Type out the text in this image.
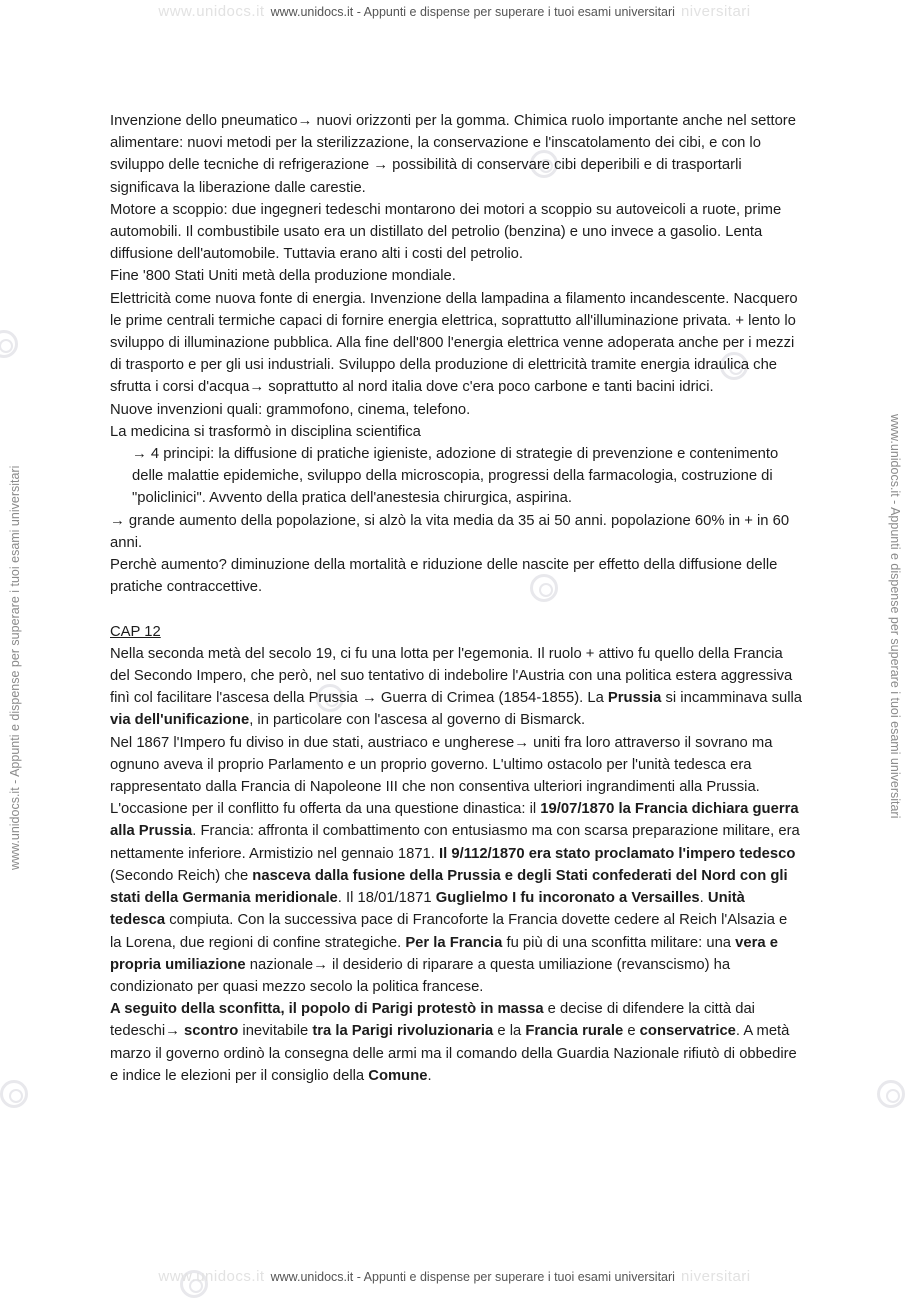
www.unidocs.it www.unidocs.it - Appunti e dispense per superare i tuoi esami universitari niversitari
www.unidocs.it - Appunti e dispense per superare i tuoi esami universitari	www.unidocs.it - Appunti e dispense per superare i tuoi esami universitari

Invenzione dello pneumatico→ nuovi orizzonti per la gomma. Chimica ruolo importante anche nel settore alimentare: nuovi metodi per la sterilizzazione, la conservazione e l'inscatolamento dei cibi, e con lo sviluppo delle tecniche di refrigerazione → possibilità di conservare cibi deperibili e di trasportarli significava la liberazione dalle carestie.

Motore a scoppio: due ingegneri tedeschi montarono dei motori a scoppio su autoveicoli a ruote, prime automobili. Il combustibile usato era un distillato del petrolio (benzina) e uno invece a gasolio. Lenta diffusione dell'automobile. Tuttavia erano alti i costi del petrolio.

Fine '800 Stati Uniti metà della produzione mondiale.

Elettricità come nuova fonte di energia. Invenzione della lampadina a filamento incandescente. Nacquero le prime centrali termiche capaci di fornire energia elettrica, soprattutto all'illuminazione privata. + lento lo sviluppo di illuminazione pubblica. Alla fine dell'800 l'energia elettrica venne adoperata anche per i mezzi di trasporto e per gli usi industriali. Sviluppo della produzione di elettricità tramite energia idraulica che sfrutta i corsi d'acqua→ soprattutto al nord italia dove c'era poco carbone e tanti bacini idrici.

Nuove invenzioni quali: grammofono, cinema, telefono.

La medicina si trasformò in disciplina scientifica

→ 4 principi: la diffusione di pratiche igieniste, adozione di strategie di prevenzione e contenimento delle malattie epidemiche, sviluppo della microscopia, progressi della farmacologia, costruzione di "policlinici". Avvento della pratica dell'anestesia chirurgica, aspirina.

→ grande aumento della popolazione, si alzò la vita media da 35 ai 50 anni. popolazione 60% in + in 60 anni.

Perchè aumento? diminuzione della mortalità e riduzione delle nascite per effetto della diffusione delle pratiche contraccettive.

CAP 12

Nella seconda metà del secolo 19, ci fu una lotta per l'egemonia. Il ruolo + attivo fu quello della Francia del Secondo Impero, che però, nel suo tentativo di indebolire l'Austria con una politica estera aggressiva finì col facilitare l'ascesa della Prussia → Guerra di Crimea (1854-1855). La Prussia si incamminava sulla via dell'unificazione, in particolare con l'ascesa al governo di Bismarck.

Nel 1867 l'Impero fu diviso in due stati, austriaco e ungherese→ uniti fra loro attraverso il sovrano ma ognuno aveva il proprio Parlamento e un proprio governo. L'ultimo ostacolo per l'unità tedesca era rappresentato dalla Francia di Napoleone III che non consentiva ulteriori ingrandimenti alla Prussia. L'occasione per il conflitto fu offerta da una questione dinastica: il 19/07/1870 la Francia dichiara guerra alla Prussia. Francia: affronta il combattimento con entusiasmo ma con scarsa preparazione militare, era nettamente inferiore. Armistizio nel gennaio 1871. Il 9/112/1870 era stato proclamato l'impero tedesco (Secondo Reich) che nasceva dalla fusione della Prussia e degli Stati confederati del Nord con gli stati della Germania meridionale. Il 18/01/1871 Guglielmo I fu incoronato a Versailles. Unità tedesca compiuta. Con la successiva pace di Francoforte la Francia dovette cedere al Reich l'Alsazia e la Lorena, due regioni di confine strategiche. Per la Francia fu più di una sconfitta militare: una vera e propria umiliazione nazionale→ il desiderio di riparare a questa umiliazione (revanscismo) ha condizionato per quasi mezzo secolo la politica francese.

A seguito della sconfitta, il popolo di Parigi protestò in massa e decise di difendere la città dai tedeschi→ scontro inevitabile tra la Parigi rivoluzionaria e la Francia rurale e conservatrice. A metà marzo il governo ordinò la consegna delle armi ma il comando della Guardia Nazionale rifiutò di obbedire e indice le elezioni per il consiglio della Comune.

www.unidocs.it www.unidocs.it - Appunti e dispense per superare i tuoi esami universitari niversitari
